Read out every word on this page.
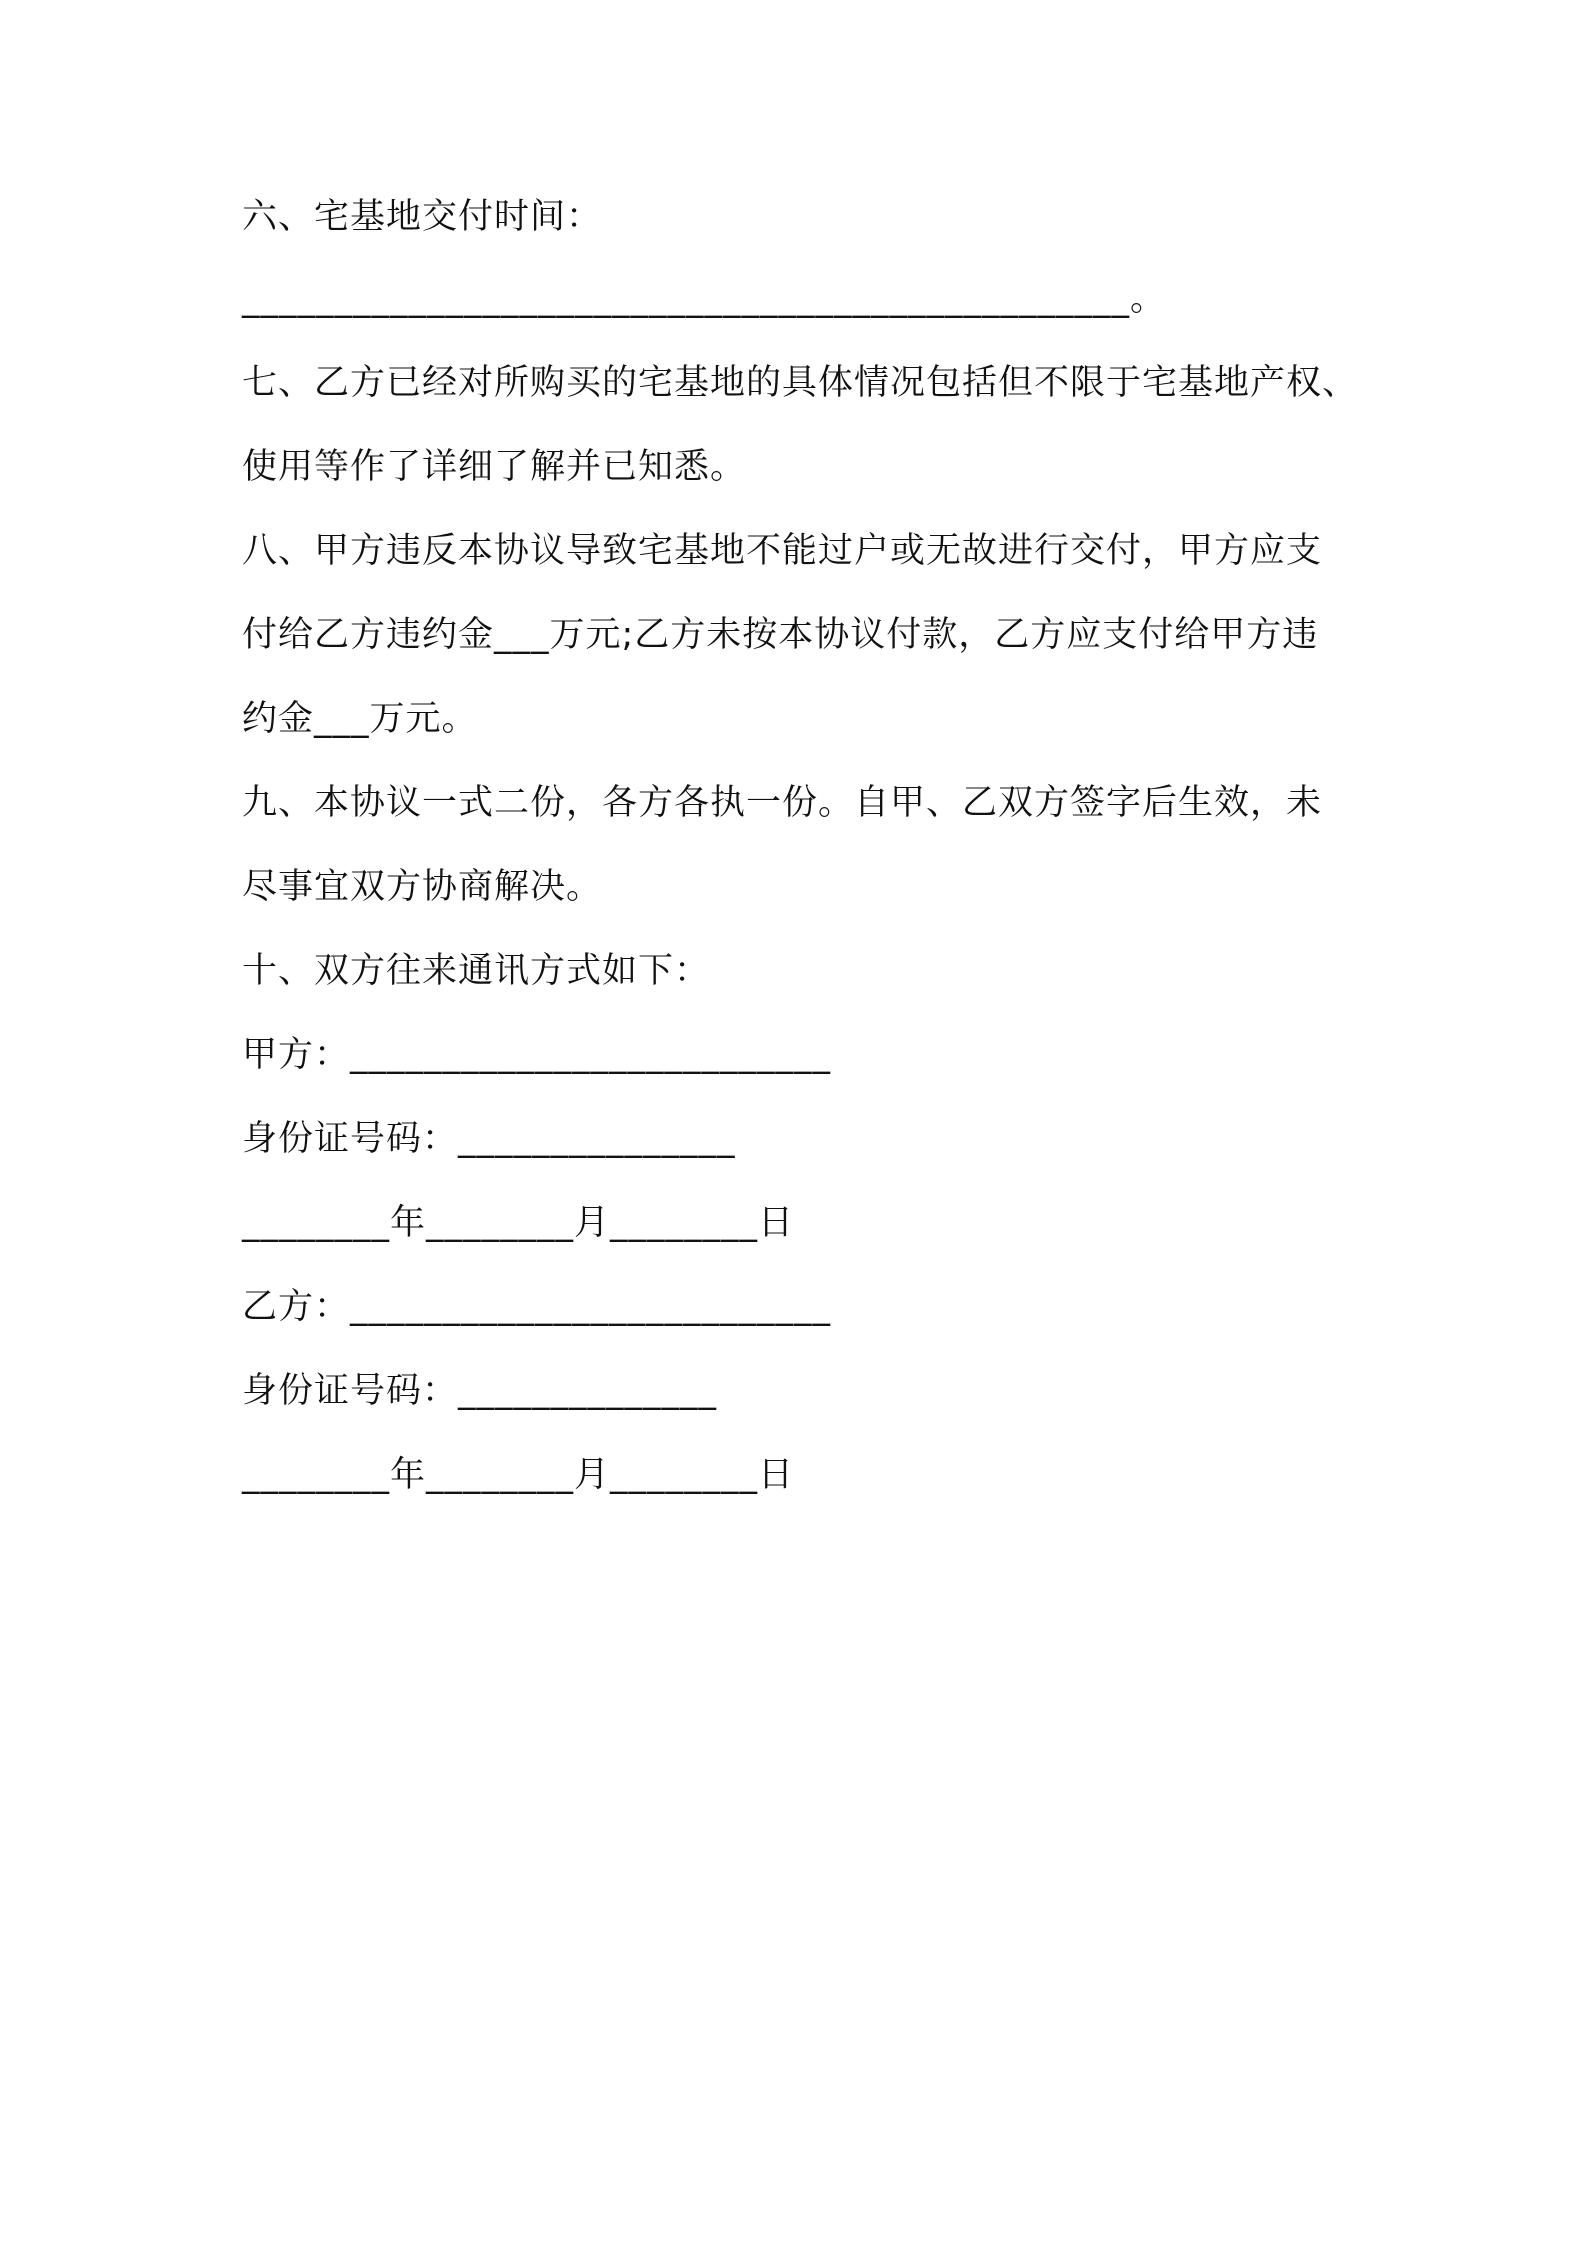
六、宅基地交付时间：

________________________________________________。

七、乙方已经对所购买的宅基地的具体情况包括但不限于宅基地产权、

使用等作了详细了解并已知悉。

八、甲方违反本协议导致宅基地不能过户或无故进行交付，甲方应支

付给乙方违约金___万元;乙方未按本协议付款，乙方应支付给甲方违

约金___万元。

九、本协议一式二份，各方各执一份。自甲、乙双方签字后生效，未

尽事宜双方协商解决。

十、双方往来通讯方式如下：

甲方：__________________________

身份证号码：_______________

________年________月________日

乙方：__________________________

身份证号码：______________

________年________月________日
